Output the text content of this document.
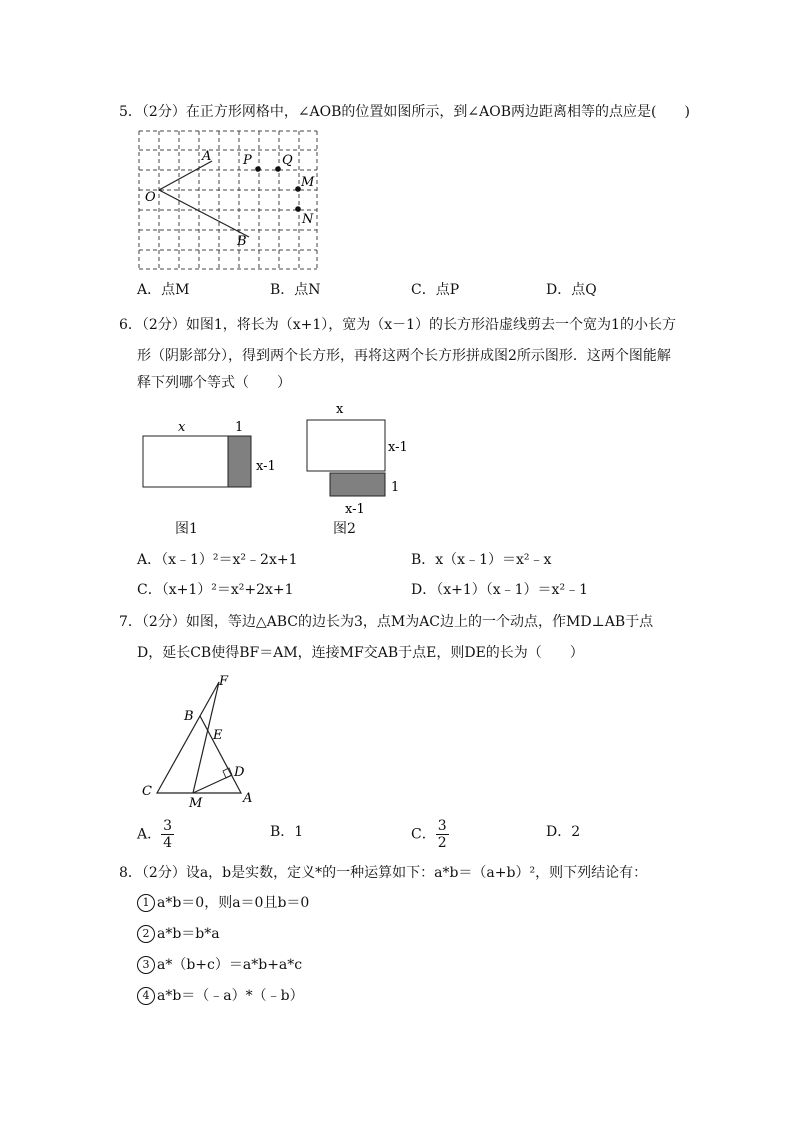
5．（2分）在正方形网格中，∠AOB的位置如图所示，到∠AOB两边距离相等的点应是(　　)
A
O
P Q
M
N
B
A．点M	B．点N	C．点P	D．点Q
6．（2分）如图1，将长为（x+1），宽为（x－1）的长方形沿虚线剪去一个宽为1的小长方
形（阴影部分），得到两个长方形，再将这两个长方形拼成图2所示图形．这两个图能解
释下列哪个等式（　　）
x	1
x-1
图1
x
x-1
1
x-1
图2
A．（x﹣1）²＝x²﹣2x+1	B．x（x﹣1）＝x²﹣x
C．（x+1）²＝x²+2x+1	D．（x+1）（x﹣1）＝x²﹣1
7．（2分）如图，等边△ABC的边长为3，点M为AC边上的一个动点，作MD⊥AB于点
D，延长CB使得BF＝AM，连接MF交AB于点E，则DE的长为（　　）
F
B
E
D
C
M	A
A． $\frac{3}{4}$	B．1	C． $\frac{3}{2}$	D．2
8．（2分）设a，b是实数，定义*的一种运算如下：a*b＝（a+b）²，则下列结论有：
1 a*b＝0，则a＝0且b＝0
2 a*b＝b*a
3 a*（b+c）＝a*b+a*c
4 a*b＝（﹣a）*（﹣b）
